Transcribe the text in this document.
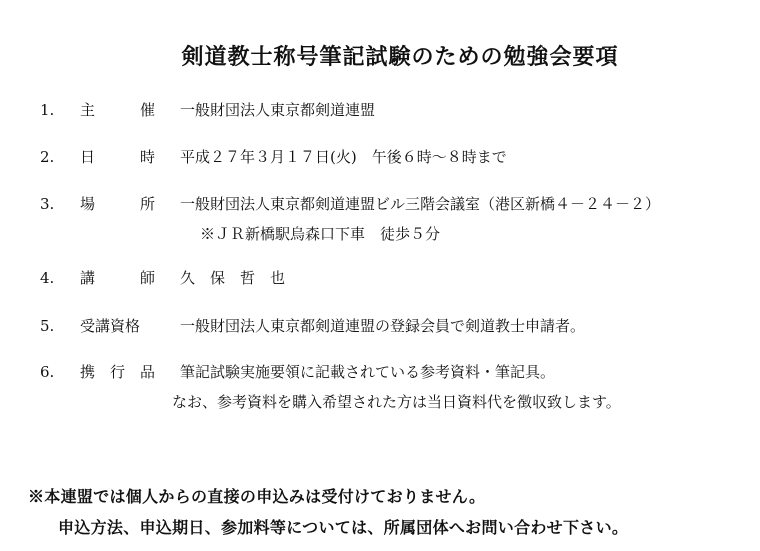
剣道教士称号筆記試験のための勉強会要項
1. 主　　　催 一般財団法人東京都剣道連盟
2. 日　　　時 平成２７年３月１７日(火)　午後６時～８時まで
3. 場　　　所 一般財団法人東京都剣道連盟ビル三階会議室（港区新橋４－２４－２）
※ＪＲ新橋駅烏森口下車　徒歩５分
4. 講　　　師 久　保　哲　也
5. 受講資格	一般財団法人東京都剣道連盟の登録会員で剣道教士申請者。
6. 携　行　品 筆記試験実施要領に記載されている参考資料・筆記具。
なお、参考資料を購入希望された方は当日資料代を徴収致します。
※本連盟では個人からの直接の申込みは受付けておりません。
申込方法、申込期日、参加料等については、所属団体へお問い合わせ下さい。
